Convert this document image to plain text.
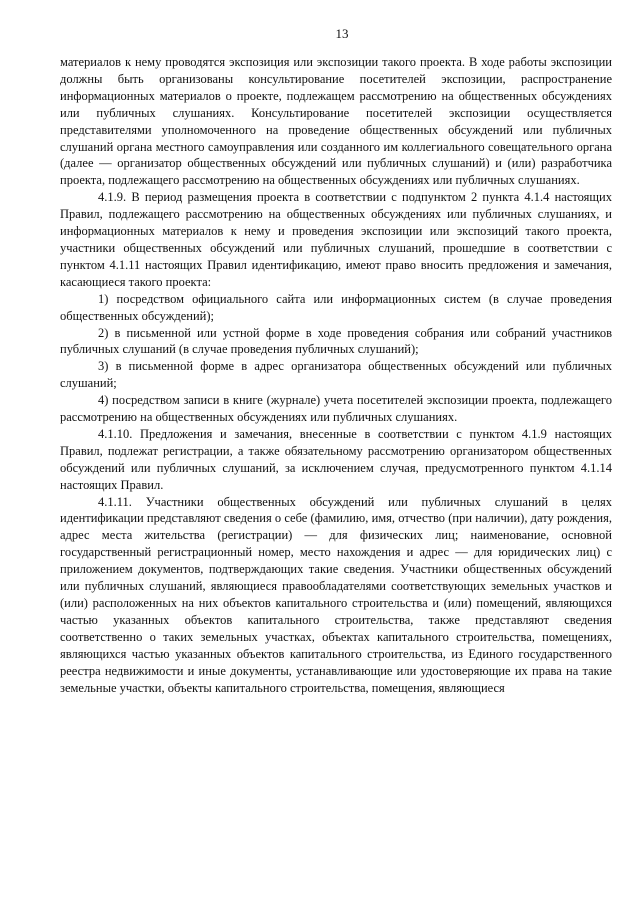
13

материалов к нему проводятся экспозиция или экспозиции такого проекта. В ходе работы экспозиции должны быть организованы консультирование посетителей экспозиции, распространение информационных материалов о проекте, подлежащем рассмотрению на общественных обсуждениях или публичных слушаниях. Консультирование посетителей экспозиции осуществляется представителями уполномоченного на проведение общественных обсуждений или публичных слушаний органа местного самоуправления или созданного им коллегиального совещательного органа (далее — организатор общественных обсуждений или публичных слушаний) и (или) разработчика проекта, подлежащего рассмотрению на общественных обсуждениях или публичных слушаниях.

4.1.9. В период размещения проекта в соответствии с подпунктом 2 пункта 4.1.4 настоящих Правил, подлежащего рассмотрению на общественных обсуждениях или публичных слушаниях, и информационных материалов к нему и проведения экспозиции или экспозиций такого проекта, участники общественных обсуждений или публичных слушаний, прошедшие в соответствии с пунктом 4.1.11 настоящих Правил идентификацию, имеют право вносить предложения и замечания, касающиеся такого проекта:

1) посредством официального сайта или информационных систем (в случае проведения общественных обсуждений);

2) в письменной или устной форме в ходе проведения собрания или собраний участников публичных слушаний (в случае проведения публичных слушаний);

3) в письменной форме в адрес организатора общественных обсуждений или публичных слушаний;

4) посредством записи в книге (журнале) учета посетителей экспозиции проекта, подлежащего рассмотрению на общественных обсуждениях или публичных слушаниях.

4.1.10. Предложения и замечания, внесенные в соответствии с пунктом 4.1.9 настоящих Правил, подлежат регистрации, а также обязательному рассмотрению организатором общественных обсуждений или публичных слушаний, за исключением случая, предусмотренного пунктом 4.1.14 настоящих Правил.

4.1.11. Участники общественных обсуждений или публичных слушаний в целях идентификации представляют сведения о себе (фамилию, имя, отчество (при наличии), дату рождения, адрес места жительства (регистрации) — для физических лиц; наименование, основной государственный регистрационный номер, место нахождения и адрес — для юридических лиц) с приложением документов, подтверждающих такие сведения. Участники общественных обсуждений или публичных слушаний, являющиеся правообладателями соответствующих земельных участков и (или) расположенных на них объектов капитального строительства и (или) помещений, являющихся частью указанных объектов капитального строительства, также представляют сведения соответственно о таких земельных участках, объектах капитального строительства, помещениях, являющихся частью указанных объектов капитального строительства, из Единого государственного реестра недвижимости и иные документы, устанавливающие или удостоверяющие их права на такие земельные участки, объекты капитального строительства, помещения, являющиеся
